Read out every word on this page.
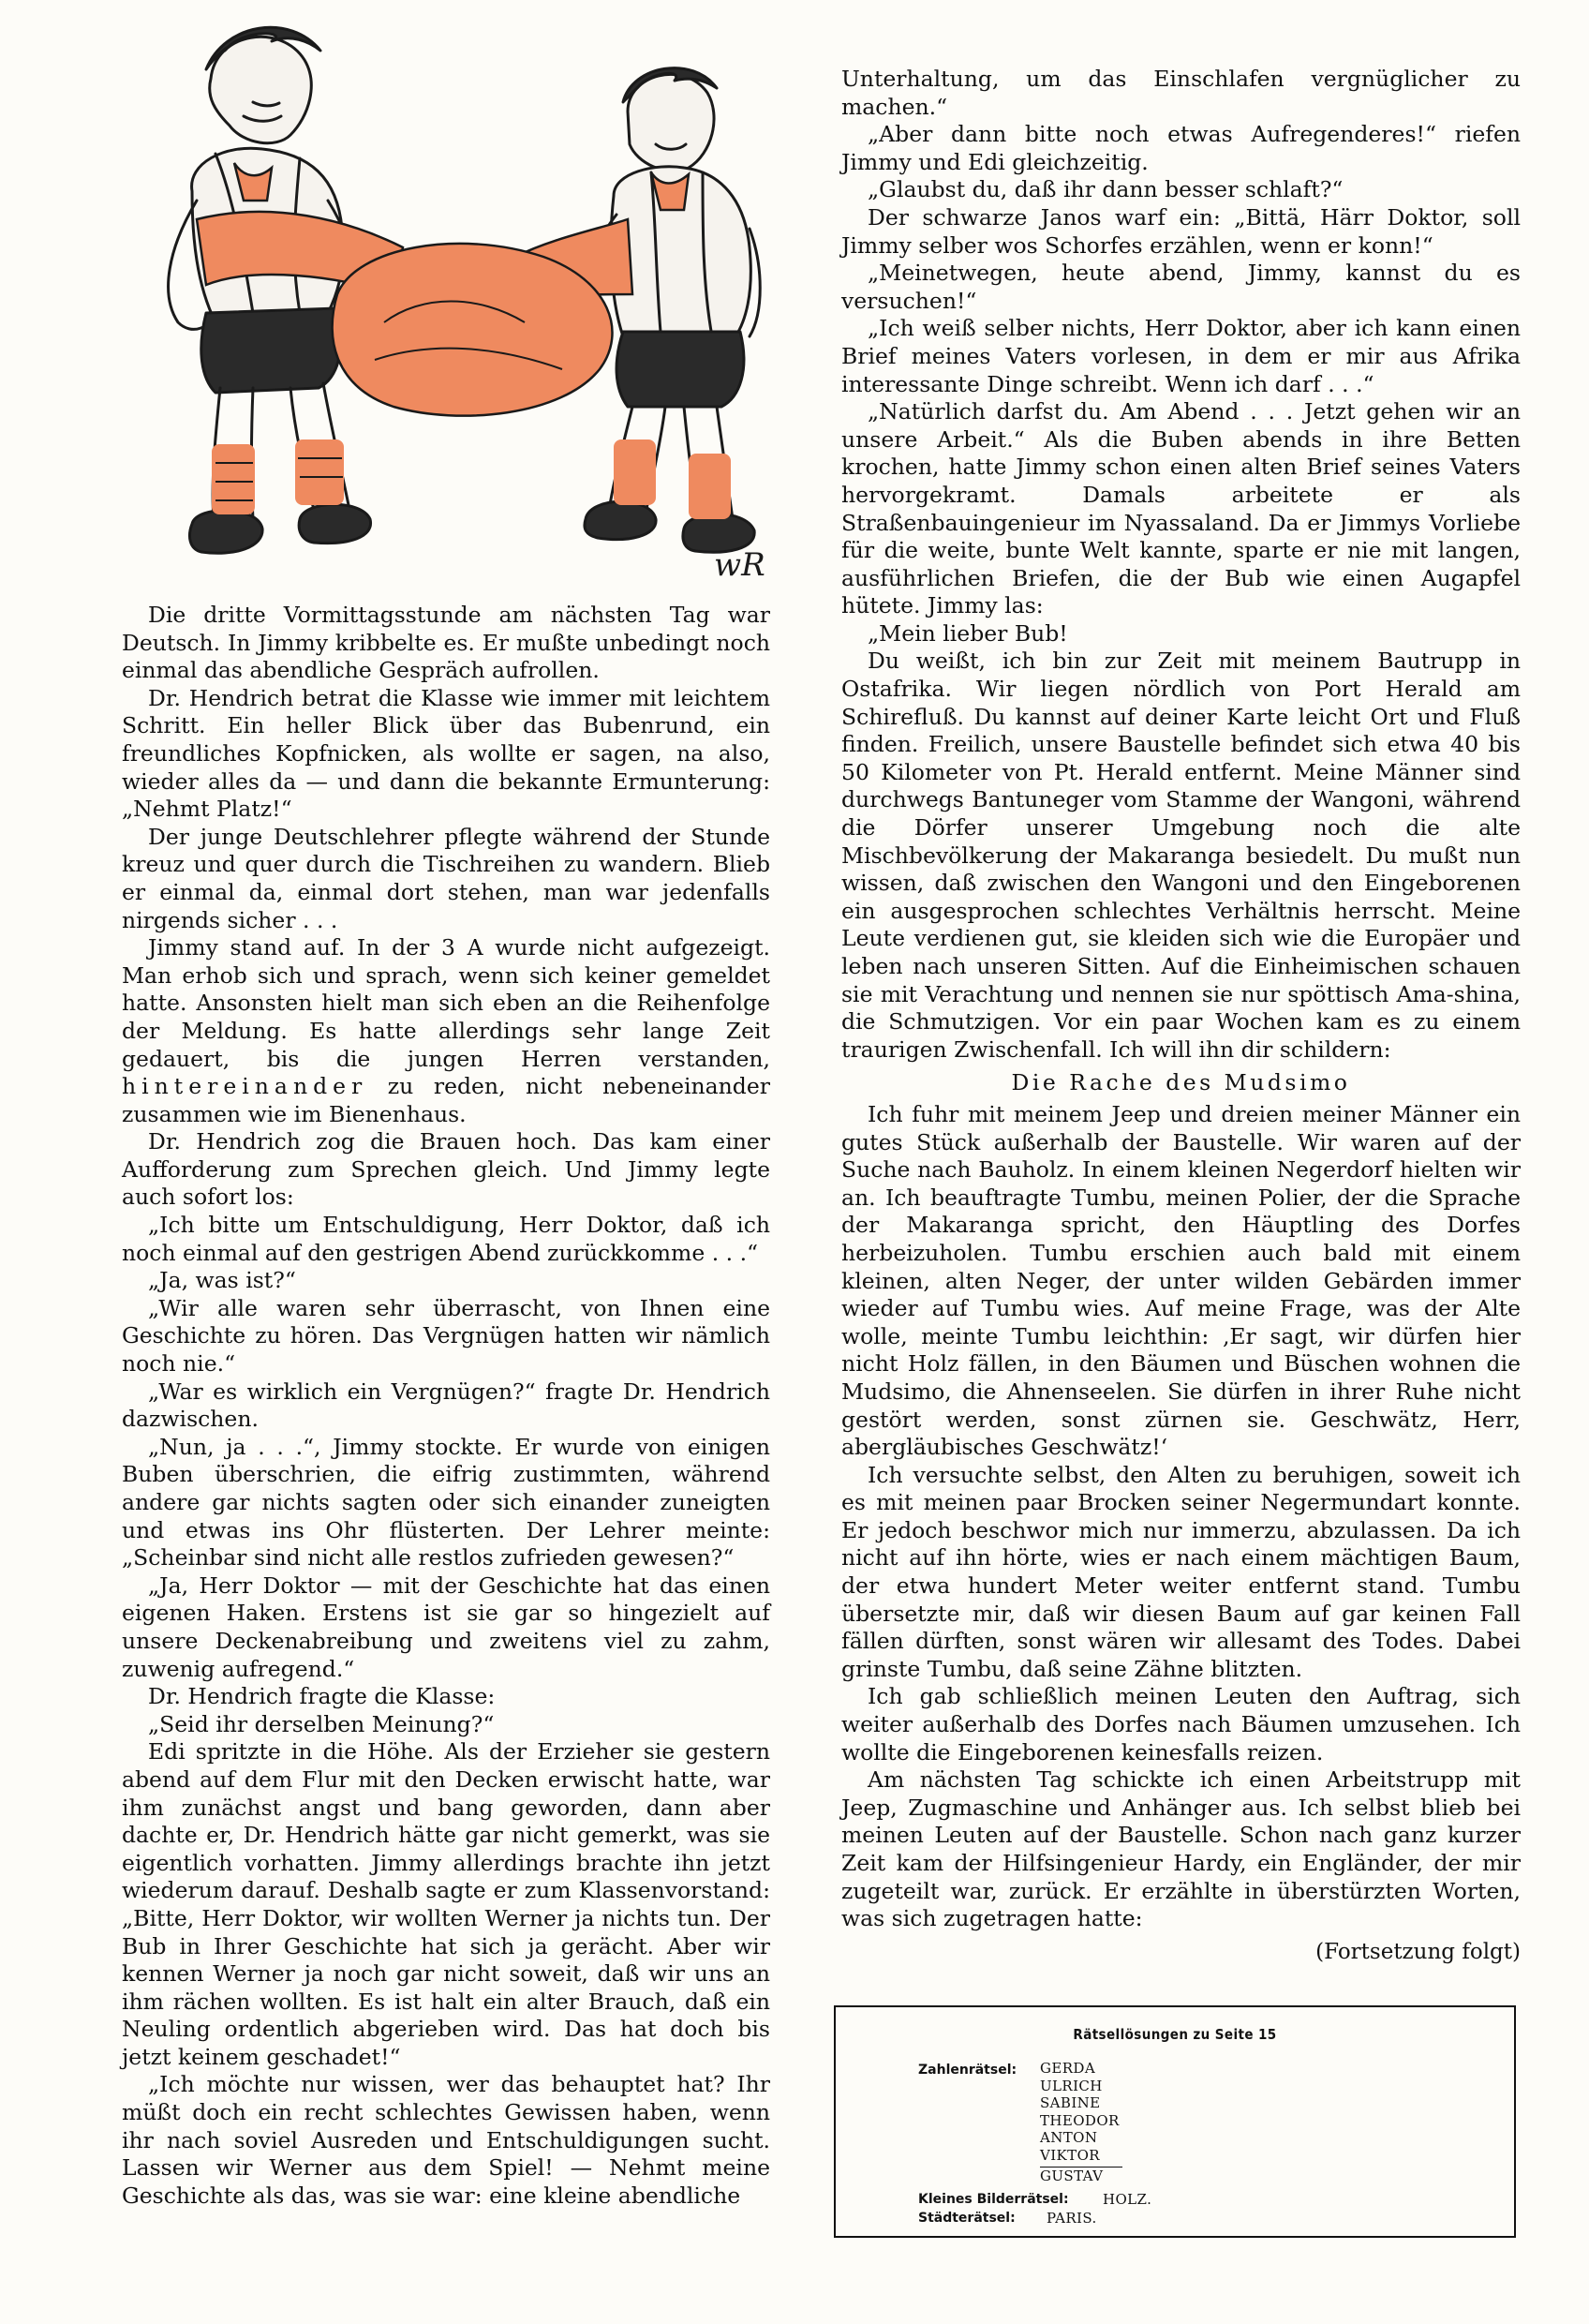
wR

Die dritte Vormittagsstunde am nächsten Tag war Deutsch. In Jimmy kribbelte es. Er mußte unbedingt noch einmal das abendliche Gespräch aufrollen.

Dr. Hendrich betrat die Klasse wie immer mit leichtem Schritt. Ein heller Blick über das Bubenrund, ein freundliches Kopfnicken, als wollte er sagen, na also, wieder alles da — und dann die bekannte Ermunterung: „Nehmt Platz!“

Der junge Deutschlehrer pflegte während der Stunde kreuz und quer durch die Tischreihen zu wandern. Blieb er einmal da, einmal dort stehen, man war jedenfalls nirgends sicher . . .

Jimmy stand auf. In der 3 A wurde nicht aufgezeigt. Man erhob sich und sprach, wenn sich keiner gemeldet hatte. Ansonsten hielt man sich eben an die Reihenfolge der Meldung. Es hatte allerdings sehr lange Zeit gedauert, bis die jungen Herren verstanden, hintereinander zu reden, nicht nebeneinander zusammen wie im Bienenhaus.

Dr. Hendrich zog die Brauen hoch. Das kam einer Aufforderung zum Sprechen gleich. Und Jimmy legte auch sofort los:

„Ich bitte um Entschuldigung, Herr Doktor, daß ich noch einmal auf den gestrigen Abend zurückkomme . . .“

„Ja, was ist?“

„Wir alle waren sehr überrascht, von Ihnen eine Geschichte zu hören. Das Vergnügen hatten wir nämlich noch nie.“

„War es wirklich ein Vergnügen?“ fragte Dr. Hendrich dazwischen.

„Nun, ja . . .“, Jimmy stockte. Er wurde von einigen Buben überschrien, die eifrig zustimmten, während andere gar nichts sagten oder sich einander zuneigten und etwas ins Ohr flüsterten. Der Lehrer meinte: „Scheinbar sind nicht alle restlos zufrieden gewesen?“

„Ja, Herr Doktor — mit der Geschichte hat das einen eigenen Haken. Erstens ist sie gar so hingezielt auf unsere Deckenabreibung und zweitens viel zu zahm, zuwenig aufregend.“

Dr. Hendrich fragte die Klasse:

„Seid ihr derselben Meinung?“

Edi spritzte in die Höhe. Als der Erzieher sie gestern abend auf dem Flur mit den Decken erwischt hatte, war ihm zunächst angst und bang geworden, dann aber dachte er, Dr. Hendrich hätte gar nicht gemerkt, was sie eigentlich vorhatten. Jimmy allerdings brachte ihn jetzt wiederum darauf. Deshalb sagte er zum Klassenvorstand: „Bitte, Herr Doktor, wir wollten Werner ja nichts tun. Der Bub in Ihrer Geschichte hat sich ja gerächt. Aber wir kennen Werner ja noch gar nicht soweit, daß wir uns an ihm rächen wollten. Es ist halt ein alter Brauch, daß ein Neuling ordentlich abgerieben wird. Das hat doch bis jetzt keinem geschadet!“

„Ich möchte nur wissen, wer das behauptet hat? Ihr müßt doch ein recht schlechtes Gewissen haben, wenn ihr nach soviel Ausreden und Entschuldigungen sucht. Lassen wir Werner aus dem Spiel! — Nehmt meine Geschichte als das, was sie war: eine kleine abendliche

Unterhaltung, um das Einschlafen vergnüglicher zu machen.“

„Aber dann bitte noch etwas Aufregenderes!“ riefen Jimmy und Edi gleichzeitig.

„Glaubst du, daß ihr dann besser schlaft?“

Der schwarze Janos warf ein: „Bittä, Härr Doktor, soll Jimmy selber wos Schorfes erzählen, wenn er konn!“

„Meinetwegen, heute abend, Jimmy, kannst du es versuchen!“

„Ich weiß selber nichts, Herr Doktor, aber ich kann einen Brief meines Vaters vorlesen, in dem er mir aus Afrika interessante Dinge schreibt. Wenn ich darf . . .“

„Natürlich darfst du. Am Abend . . . Jetzt gehen wir an unsere Arbeit.“ Als die Buben abends in ihre Betten krochen, hatte Jimmy schon einen alten Brief seines Vaters hervorgekramt. Damals arbeitete er als Straßenbauingenieur im Nyassaland. Da er Jimmys Vorliebe für die weite, bunte Welt kannte, sparte er nie mit langen, ausführlichen Briefen, die der Bub wie einen Augapfel hütete. Jimmy las:

„Mein lieber Bub!

Du weißt, ich bin zur Zeit mit meinem Bautrupp in Ostafrika. Wir liegen nördlich von Port Herald am Schirefluß. Du kannst auf deiner Karte leicht Ort und Fluß finden. Freilich, unsere Baustelle befindet sich etwa 40 bis 50 Kilometer von Pt. Herald entfernt. Meine Männer sind durchwegs Bantuneger vom Stamme der Wangoni, während die Dörfer unserer Umgebung noch die alte Mischbevölkerung der Makaranga besiedelt. Du mußt nun wissen, daß zwischen den Wangoni und den Eingeborenen ein ausgesprochen schlechtes Verhältnis herrscht. Meine Leute verdienen gut, sie kleiden sich wie die Europäer und leben nach unseren Sitten. Auf die Einheimischen schauen sie mit Verachtung und nennen sie nur spöttisch Ama-shina, die Schmutzigen. Vor ein paar Wochen kam es zu einem traurigen Zwischenfall. Ich will ihn dir schildern:

Die Rache des Mudsimo

Ich fuhr mit meinem Jeep und dreien meiner Männer ein gutes Stück außerhalb der Baustelle. Wir waren auf der Suche nach Bauholz. In einem kleinen Negerdorf hielten wir an. Ich beauftragte Tumbu, meinen Polier, der die Sprache der Makaranga spricht, den Häuptling des Dorfes herbeizuholen. Tumbu erschien auch bald mit einem kleinen, alten Neger, der unter wilden Gebärden immer wieder auf Tumbu wies. Auf meine Frage, was der Alte wolle, meinte Tumbu leichthin: ‚Er sagt, wir dürfen hier nicht Holz fällen, in den Bäumen und Büschen wohnen die Mudsimo, die Ahnenseelen. Sie dürfen in ihrer Ruhe nicht gestört werden, sonst zürnen sie. Geschwätz, Herr, abergläubisches Geschwätz!‘

Ich versuchte selbst, den Alten zu beruhigen, soweit ich es mit meinen paar Brocken seiner Negermundart konnte. Er jedoch beschwor mich nur immerzu, abzulassen. Da ich nicht auf ihn hörte, wies er nach einem mächtigen Baum, der etwa hundert Meter weiter entfernt stand. Tumbu übersetzte mir, daß wir diesen Baum auf gar keinen Fall fällen dürften, sonst wären wir allesamt des Todes. Dabei grinste Tumbu, daß seine Zähne blitzten.

Ich gab schließlich meinen Leuten den Auftrag, sich weiter außerhalb des Dorfes nach Bäumen umzusehen. Ich wollte die Eingeborenen keinesfalls reizen.

Am nächsten Tag schickte ich einen Arbeitstrupp mit Jeep, Zugmaschine und Anhänger aus. Ich selbst blieb bei meinen Leuten auf der Baustelle. Schon nach ganz kurzer Zeit kam der Hilfsingenieur Hardy, ein Engländer, der mir zugeteilt war, zurück. Er erzählte in überstürzten Worten, was sich zugetragen hatte:

(Fortsetzung folgt)
Rätsellösungen zu Seite 15
Zahlenrätsel: GERDA
ULRICH
SABINE
THEODOR
ANTON
VIKTOR
GUSTAV
Kleines Bilderrätsel: HOLZ.
Städterätsel: PARIS.
